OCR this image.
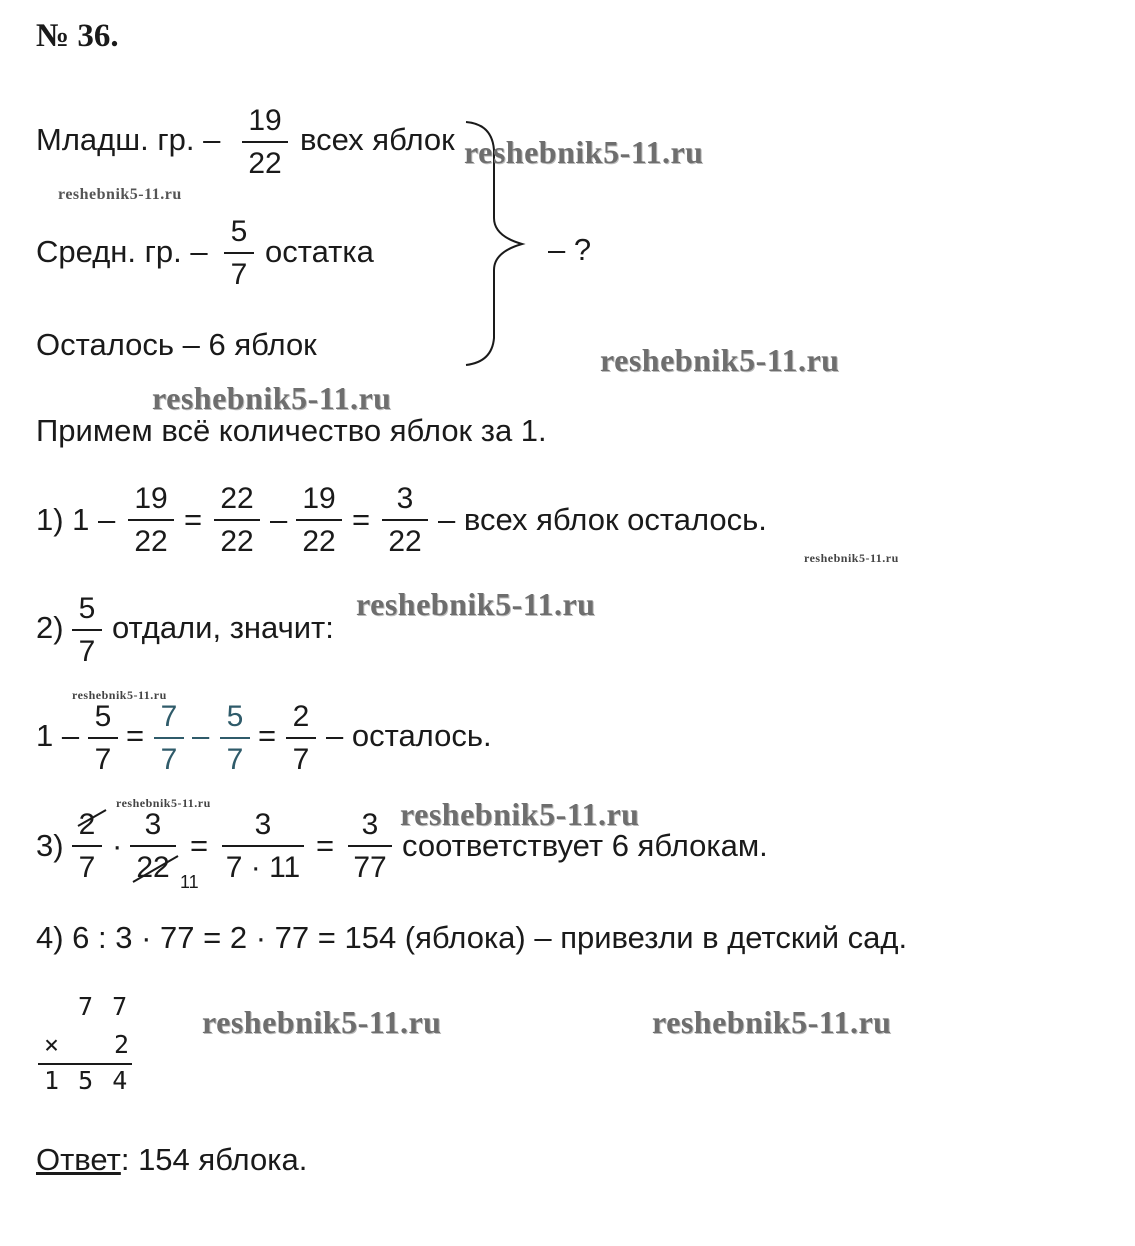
№ 36.
Младш. гр. –
19
22
всех яблок
Средн. гр. –
5
7
остатка
Осталось – 6 яблок
– ?
Примем всё количество яблок за 1.
1) 1 –
19
22
=
22
22
–
19
22
=
3
22
– всех яблок осталось.
2)
5
7
отдали, значит:
1 –
5
7
=
7
7
–
5
7
=
2
7
– осталось.
3)
2
7
·
3
22 11
=
3
7 · 11
=
3
77
соответствует 6 яблокам.
4) 6 : 3 · 77 = 2 · 77 = 154 (яблока) – привезли в детский сад.
7 7
× 2
1 5 4
Ответ: 154 яблока.
reshebnik5-11.ru
reshebnik5-11.ru
reshebnik5-11.ru
reshebnik5-11.ru
reshebnik5-11.ru
reshebnik5-11.ru
reshebnik5-11.ru
reshebnik5-11.ru	reshebnik5-11.ru
reshebnik5-11.ru	reshebnik5-11.ru
